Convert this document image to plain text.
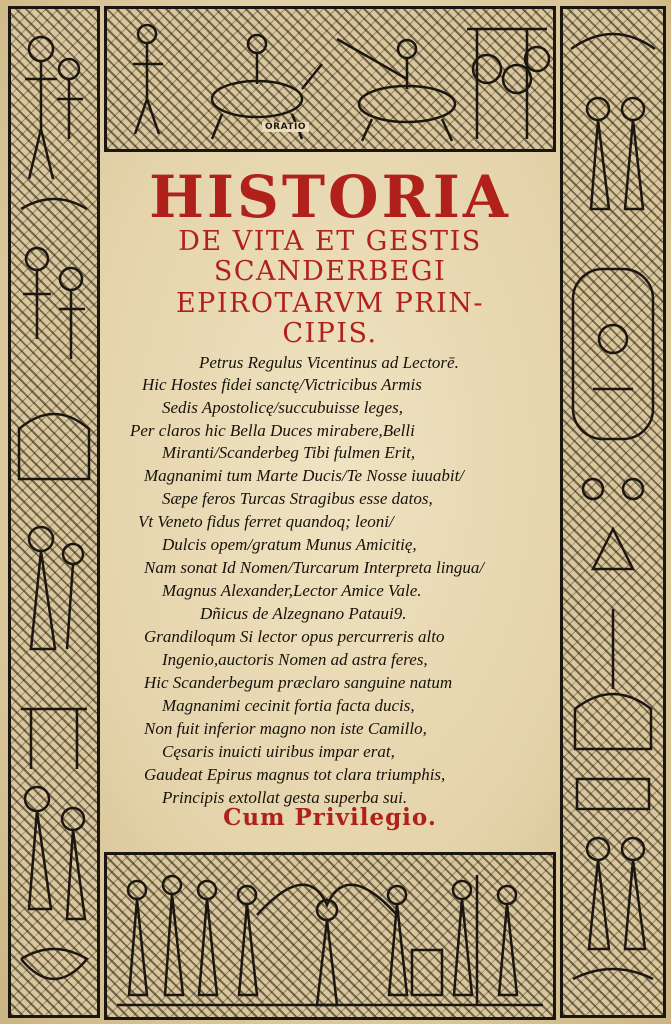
ORATIO
HISTORIA
DE VITA ET GESTIS
SCANDERBEGI
EPIROTARVM PRIN-
CIPIS.
Petrus Regulus Vicentinus ad Lectorē.
Hic Hostes fidei sanctę/Victricibus Armis
Sedis Apostolicę/succubuisse leges,
Per claros hic Bella Duces mirabere,Belli
Miranti/Scanderbeg Tibi fulmen Erit,
Magnanimi tum Marte Ducis/Te Nosse iuuabit/
Sæpe feros Turcas Stragibus esse datos,
Vt Veneto fidus ferret quandoq; leoni/
Dulcis opem/gratum Munus Amicitię,
Nam sonat Id Nomen/Turcarum Interpreta lingua/
Magnus Alexander,Lector Amice Vale.
Dñicus de Alzegnano Pataui9.
Grandiloqum Si lector opus percurreris alto
Ingenio,auctoris Nomen ad astra feres,
Hic Scanderbegum præclaro sanguine natum
Magnanimi cecinit fortia facta ducis,
Non fuit inferior magno non iste Camillo,
Cęsaris inuicti uiribus impar erat,
Gaudeat Epirus magnus tot clara triumphis,
Principis extollat gesta superba sui.
Cum Privilegio.
